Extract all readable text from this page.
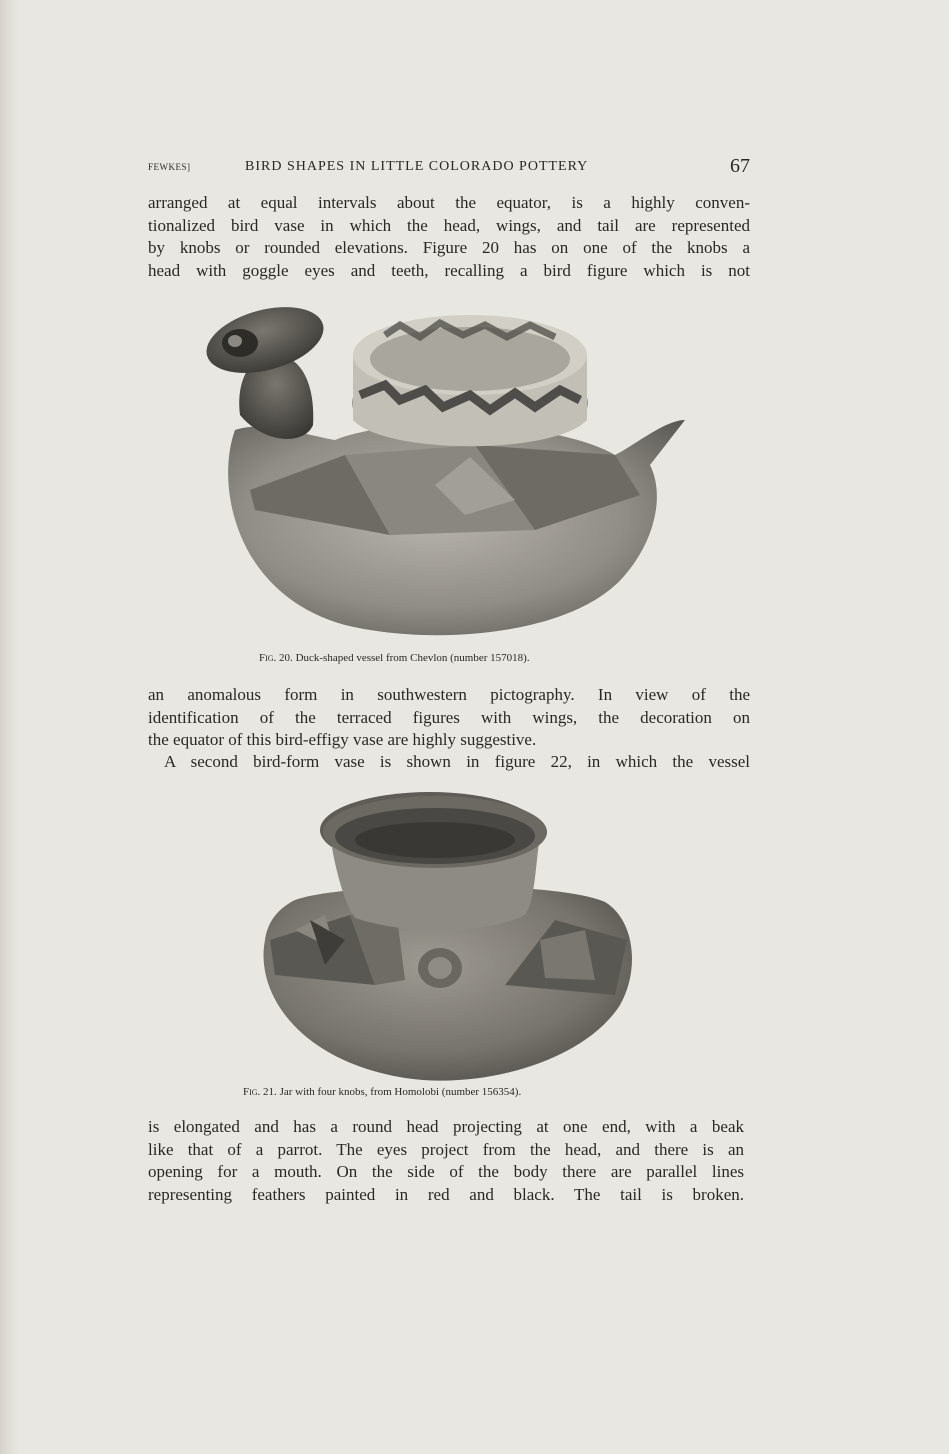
FEWKES]	BIRD SHAPES IN LITTLE COLORADO POTTERY	67

arranged at equal intervals about the equator, is a highly conven-
tionalized bird vase in which the head, wings, and tail are represented
by knobs or rounded elevations. Figure 20 has on one of the knobs a
head with goggle eyes and teeth, recalling a bird figure which is not

Fig. 20. Duck-shaped vessel from Chevlon (number 157018).

an anomalous form in southwestern pictography. In view of the
identification of the terraced figures with wings, the decoration on
the equator of this bird-effigy vase are highly suggestive.

A second bird-form vase is shown in figure 22, in which the vessel

Fig. 21. Jar with four knobs, from Homolobi (number 156354).

is elongated and has a round head projecting at one end, with a beak
like that of a parrot. The eyes project from the head, and there is an
opening for a mouth. On the side of the body there are parallel lines
representing feathers painted in red and black. The tail is broken.
